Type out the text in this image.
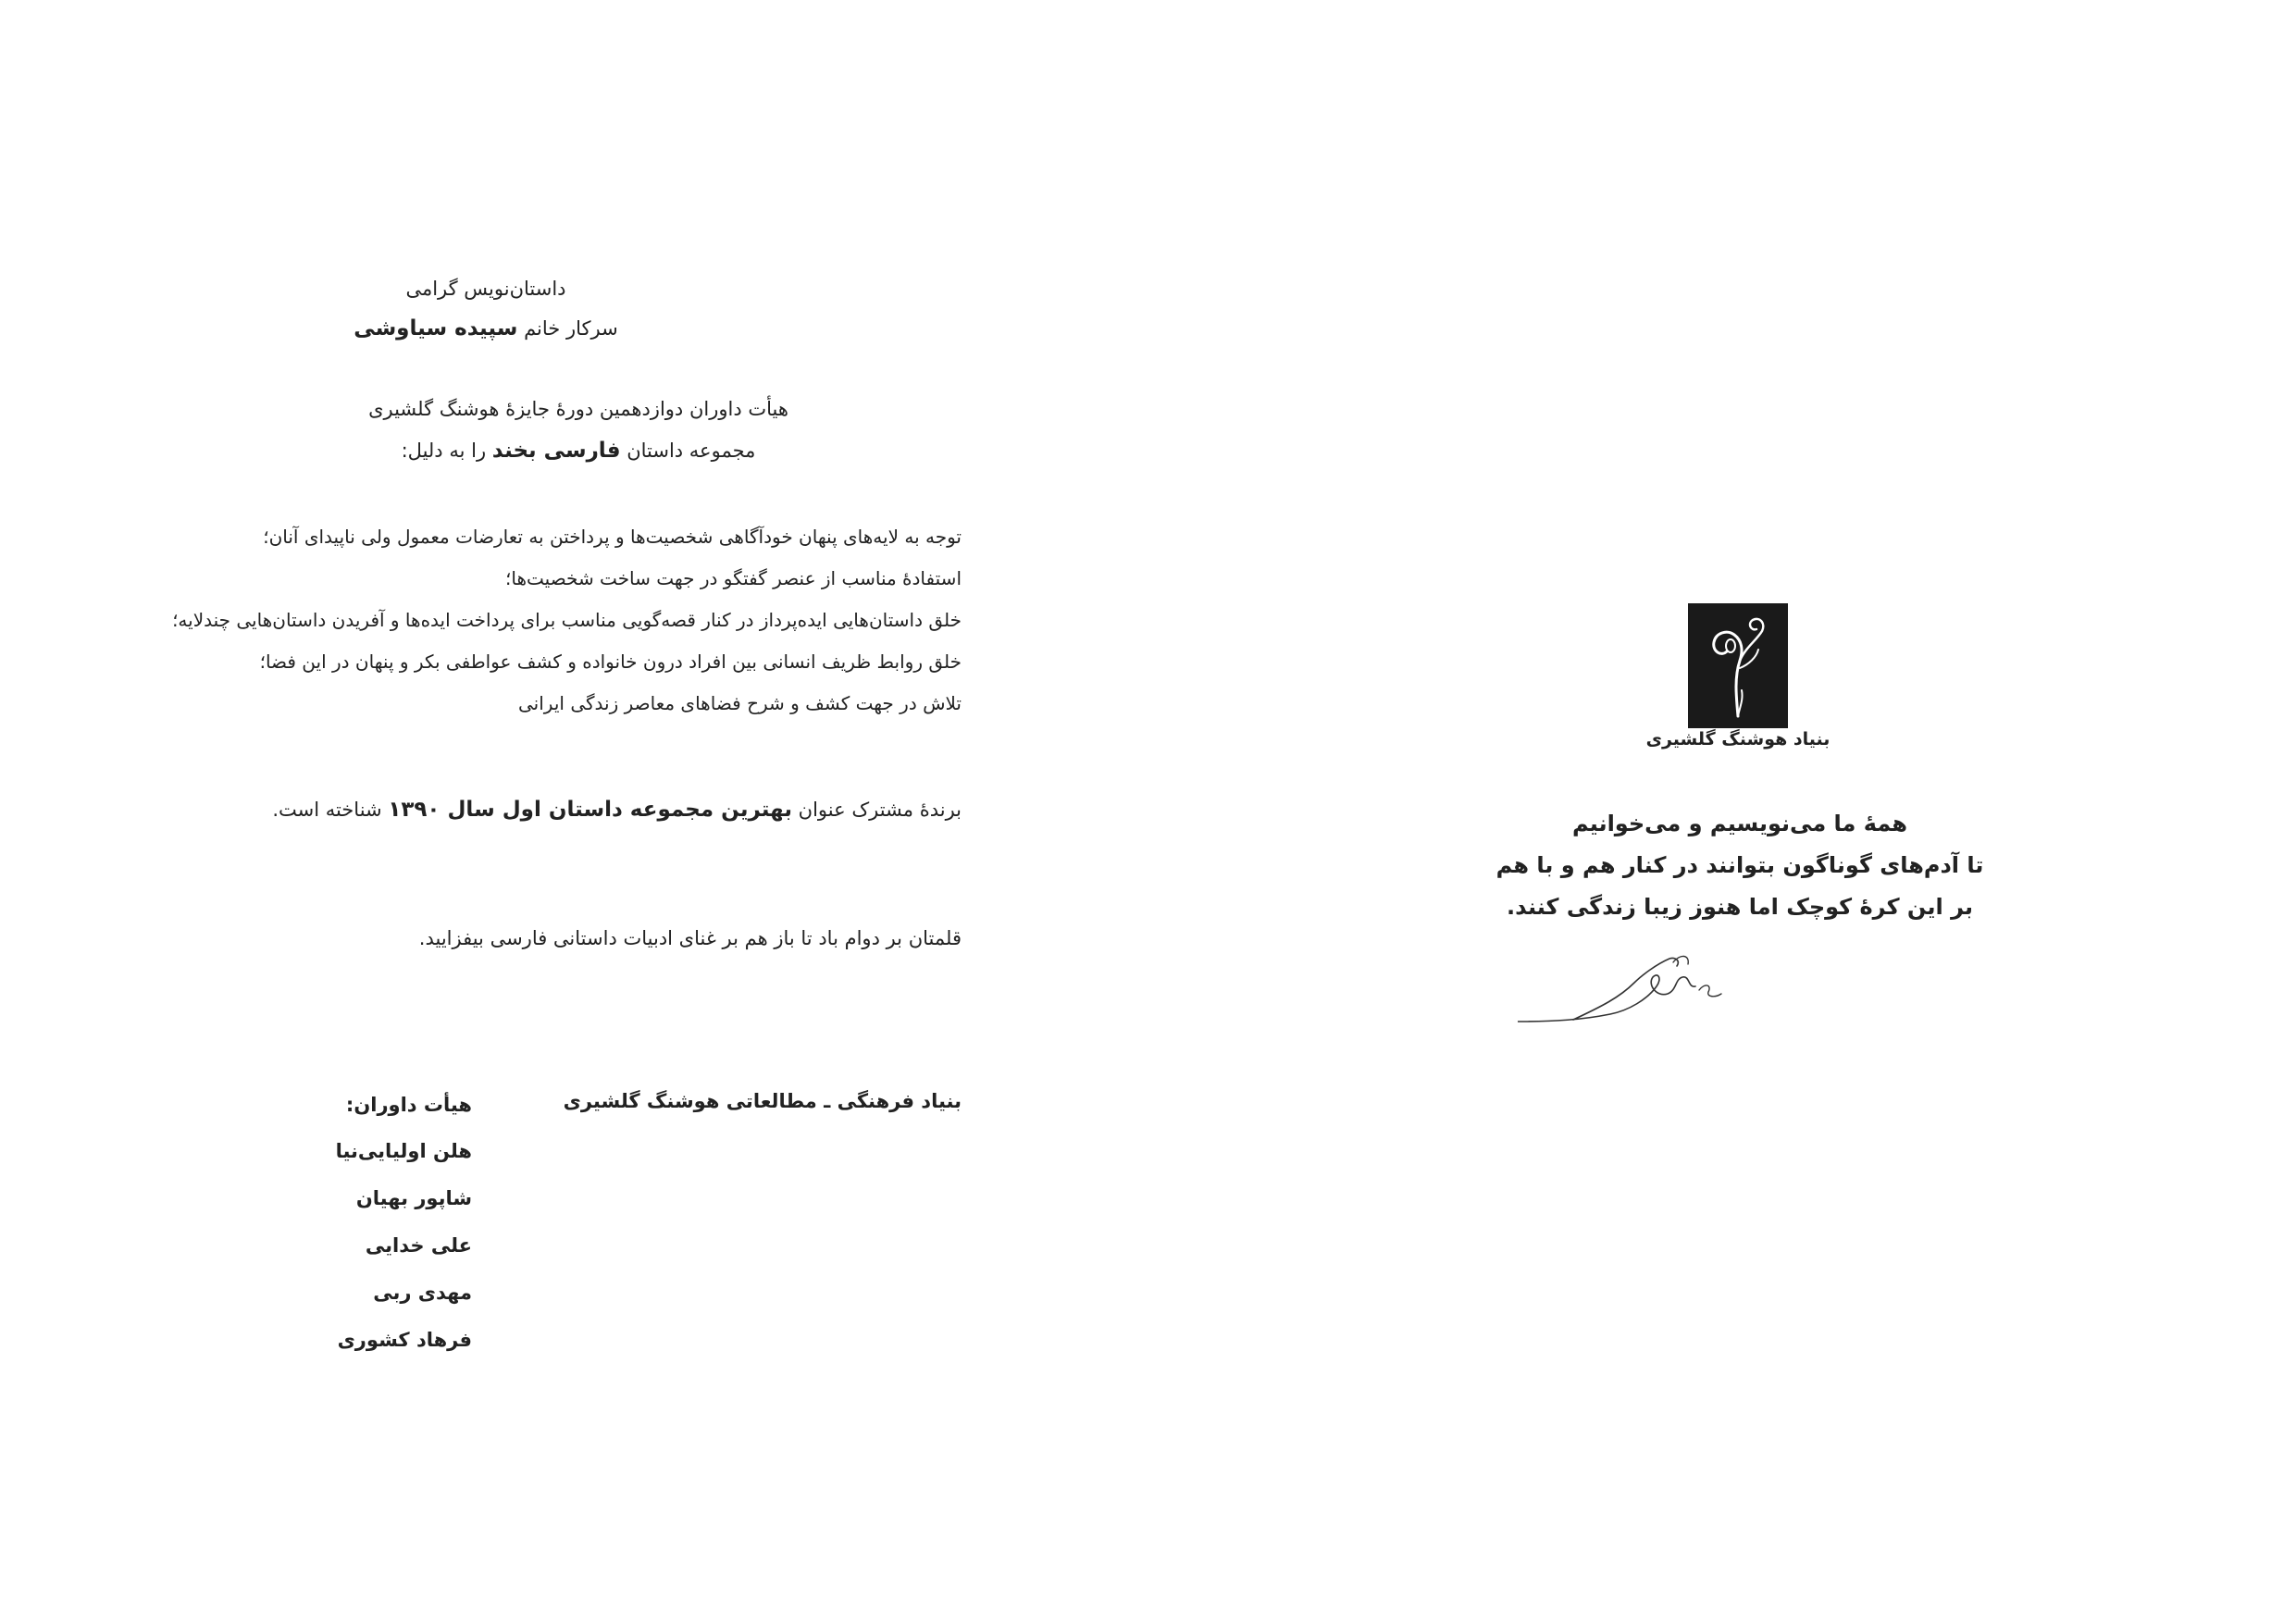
داستان‌نویس گرامی
سرکار خانم سپیده سیاوشی
هیأت داوران دوازدهمین دورهٔ جایزهٔ هوشنگ گلشیری
مجموعه داستان فارسی بخند را به دلیل:
توجه به لایه‌های پنهان خودآگاهی شخصیت‌ها و پرداختن به تعارضات معمول ولی ناپیدای آنان؛
استفادهٔ مناسب از عنصر گفتگو در جهت ساخت شخصیت‌ها؛
خلق داستان‌هایی ایده‌پرداز در کنار قصه‌گویی مناسب برای پرداخت ایده‌ها و آفریدن داستان‌هایی چندلایه؛
خلق روابط ظریف انسانی بین افراد درون خانواده و کشف عواطفی بکر و پنهان در این فضا؛
تلاش در جهت کشف و شرح فضاهای معاصر زندگی ایرانی
برندهٔ مشترک عنوان بهترین مجموعه داستان اول سال ۱۳۹۰ شناخته است.
قلمتان بر دوام باد تا باز هم بر غنای ادبیات داستانی فارسی بیفزایید.
بنیاد فرهنگی ـ مطالعاتی هوشنگ گلشیری
هیأت داوران:
هلن اولیایی‌نیا
شاپور بهیان
علی خدایی
مهدی ربی
فرهاد کشوری
بنیاد هوشنگ گلشیری
همهٔ ما می‌نویسیم و می‌خوانیم
تا آدم‌های گوناگون بتوانند در کنار هم و با هم
بر این کرهٔ کوچک اما هنوز زیبا زندگی کنند.
